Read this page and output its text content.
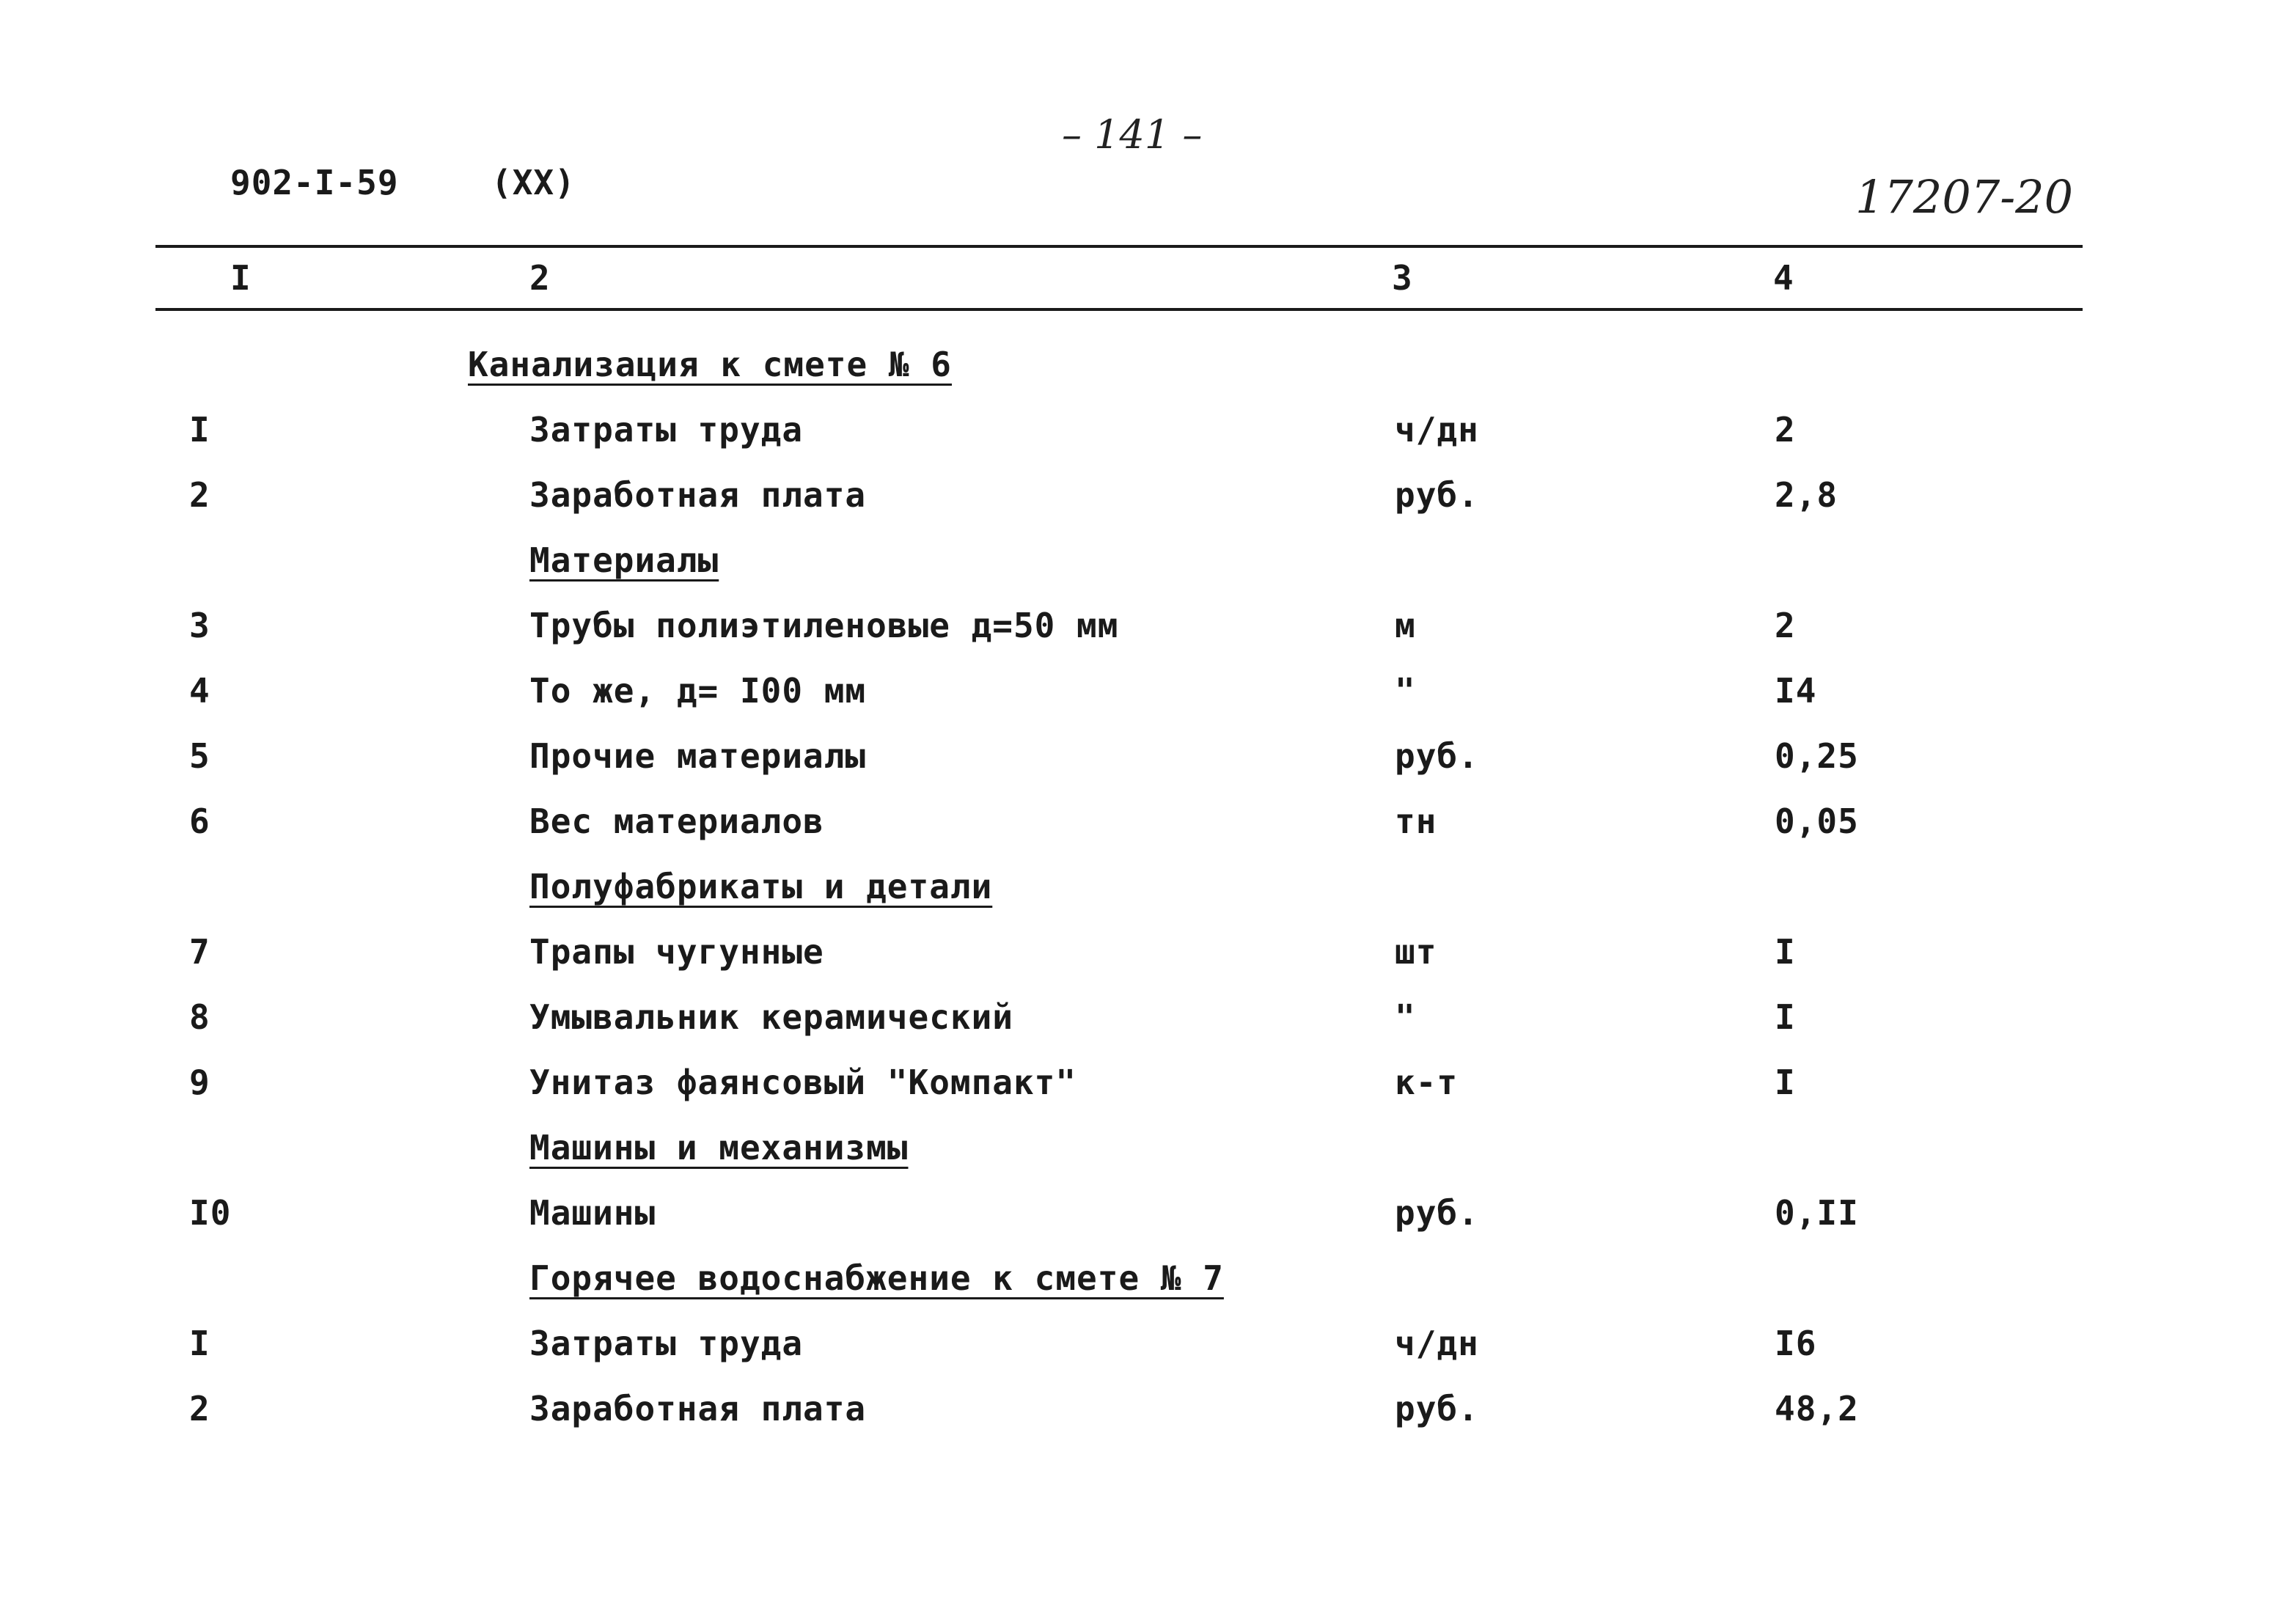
– 141 –
902-I-59	(XX)	17207-20
I	2	3	4
Канализация к смете № 6
I	Затраты труда	ч/дн	2
2	Заработная плата	руб.	2,8
Материалы
3	Трубы полиэтиленовые д=50 мм	м	2
4	То же, д= I00 мм	"	I4
5	Прочие материалы	руб.	0,25
6	Вес материалов	тн	0,05
Полуфабрикаты и детали
7	Трапы чугунные	шт	I
8	Умывальник керамический	"	I
9	Унитаз фаянсовый "Компакт"	к-т	I
Машины и механизмы
I0	Машины	руб.	0,II
Горячее водоснабжение к смете № 7
I	Затраты труда	ч/дн	I6
2	Заработная плата	руб.	48,2
